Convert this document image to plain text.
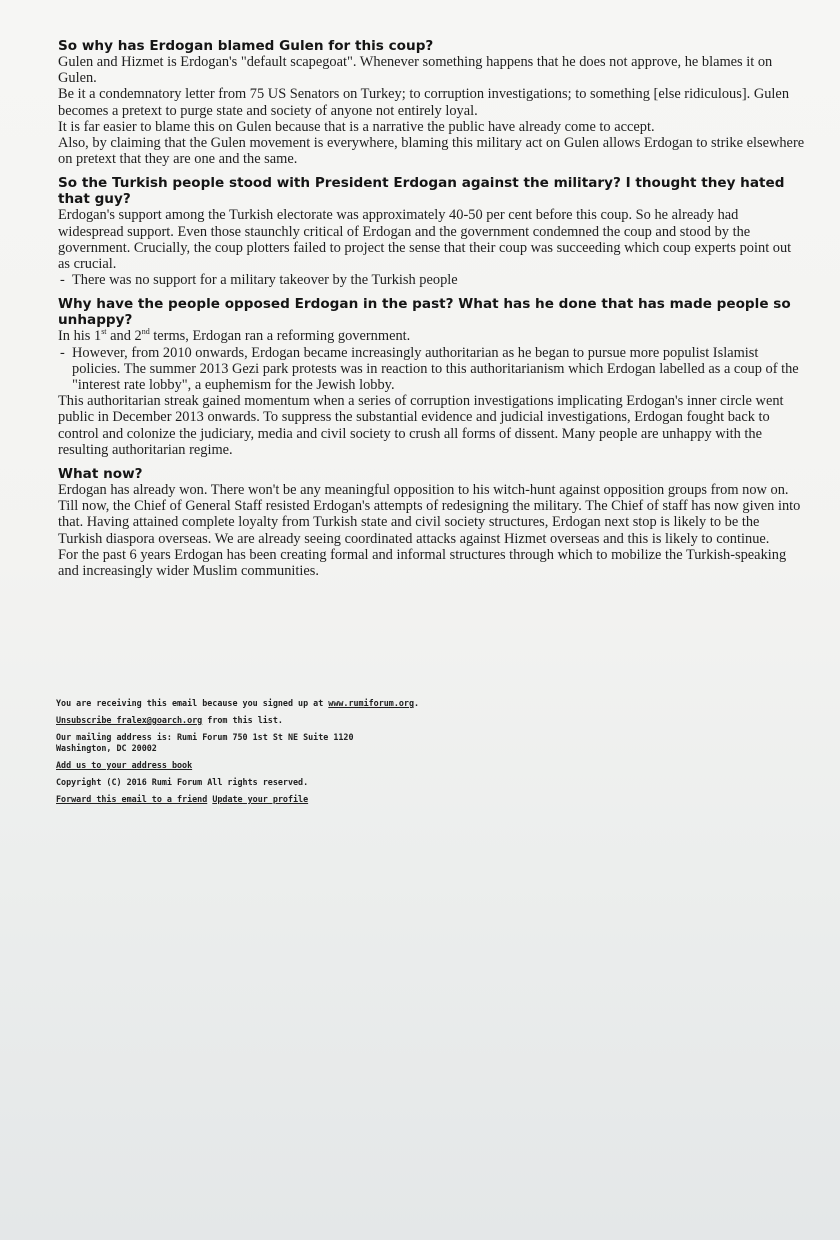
So why has Erdogan blamed Gulen for this coup?

Gulen and Hizmet is Erdogan's "default scapegoat". Whenever something happens that he does not approve, he blames it on Gulen.

Be it a condemnatory letter from 75 US Senators on Turkey; to corruption investigations; to something [else ridiculous]. Gulen becomes a pretext to purge state and society of anyone not entirely loyal.

It is far easier to blame this on Gulen because that is a narrative the public have already come to accept.

Also, by claiming that the Gulen movement is everywhere, blaming this military act on Gulen allows Erdogan to strike elsewhere on pretext that they are one and the same.

So the Turkish people stood with President Erdogan against the military? I thought they hated that guy?

Erdogan's support among the Turkish electorate was approximately 40-50 per cent before this coup. So he already had widespread support. Even those staunchly critical of Erdogan and the government condemned the coup and stood by the government. Crucially, the coup plotters failed to project the sense that their coup was succeeding which coup experts point out as crucial.

- There was no support for a military takeover by the Turkish people

Why have the people opposed Erdogan in the past? What has he done that has made people so unhappy?

In his 1st and 2nd terms, Erdogan ran a reforming government.

- However, from 2010 onwards, Erdogan became increasingly authoritarian as he began to pursue more populist Islamist policies. The summer 2013 Gezi park protests was in reaction to this authoritarianism which Erdogan labelled as a coup of the "interest rate lobby", a euphemism for the Jewish lobby.

This authoritarian streak gained momentum when a series of corruption investigations implicating Erdogan's inner circle went public in December 2013 onwards. To suppress the substantial evidence and judicial investigations, Erdogan fought back to control and colonize the judiciary, media and civil society to crush all forms of dissent. Many people are unhappy with the resulting authoritarian regime.

What now?

Erdogan has already won. There won't be any meaningful opposition to his witch-hunt against opposition groups from now on. Till now, the Chief of General Staff resisted Erdogan's attempts of redesigning the military. The Chief of staff has now given into that. Having attained complete loyalty from Turkish state and civil society structures, Erdogan next stop is likely to be the Turkish diaspora overseas. We are already seeing coordinated attacks against Hizmet overseas and this is likely to continue.

For the past 6 years Erdogan has been creating formal and informal structures through which to mobilize the Turkish-speaking and increasingly wider Muslim communities.

You are receiving this email because you signed up at www.rumiforum.org.

Unsubscribe fralex@goarch.org from this list.

Our mailing address is: Rumi Forum 750 1st St NE Suite 1120

Washington, DC 20002

Add us to your address book

Copyright (C) 2016 Rumi Forum All rights reserved.

Forward this email to a friend Update your profile
